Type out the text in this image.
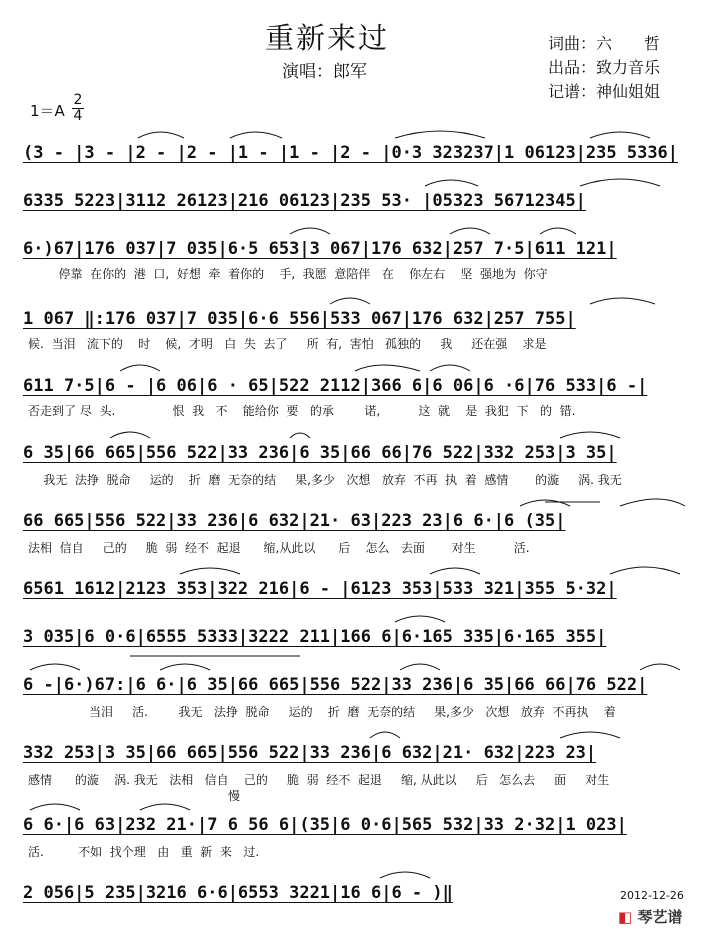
重新来过
演唱：郎军
词曲：六　　哲
出品：致力音乐
记谱：神仙姐姐
1＝A
2
4
(3 - |3 - |2 - |2 - |1 - |1 - |2 - |0·3 323237|1 06123|235 5336|
6335 5223|3112 26123|216 06123|235 53· |05323 56712345|
6·)67|176 037|7 035|6·5 653|3 067|176 632|257 7·5|611 121|
停靠  在你的  港  口,  好想  牵  着你的    手,  我愿  意陪伴   在    你左右    坚  强地为  你守
1 067 ‖:176 037|7 035|6·6 556|533 067|176 632|257 755|
候.  当泪   流下的    时    候,  才明   白  失  去了     所  有,  害怕   孤独的     我     还在强    求是
611 7·5|6 - |6 06|6 · 65|522 2112|366 6|6 06|6 ·6|76 533|6 -|
否走到了 尽  头.               恨  我   不    能给你  要   的承        诺,          这  就    是  我犯  下   的  错.
6 35|66 665|556 522|33 236|6 35|66 66|76 522|332 253|3 35|
我无  法挣  脱命     运的    折  磨  无奈的结     果,多少   次想   放弃  不再  执  着  感情       的漩     涡. 我无
66 665|556 522|33 236|6 632|21· 63|223 23|6 6·|6 (35|
法相  信自     己的     脆  弱  经不  起退      缩,从此以      后    怎么   去面       对生          活.
6561 1612|2123 353|322 216|6 - |6123 353|533 321|355 5·32|
3 035|6 0·6|6555 5333|3222 211|166 6|6·165 335|6·165 355|
6 -|6·)67:|6 6·|6 35|66 665|556 522|33 236|6 35|66 66|76 522|
当泪     活.        我无   法挣  脱命     运的    折  磨  无奈的结     果,多少   次想   放弃  不再执    着
332 253|3 35|66 665|556 522|33 236|6 632|21· 632|223 23|
感情      的漩    涡. 我无   法相   信自    己的     脆  弱  经不  起退     缩, 从此以     后   怎么去     面     对生
慢
6 6·|6 63|232 21·|7 6 56 6|(35|6 0·6|565 532|33 2·32|1 023|
活.         不如  找个理   由   重  新  来   过.
2 056|5 235|3216 6·6|6553 3221|16 6|6 - )‖	2012-12-26
◧ 琴艺谱
